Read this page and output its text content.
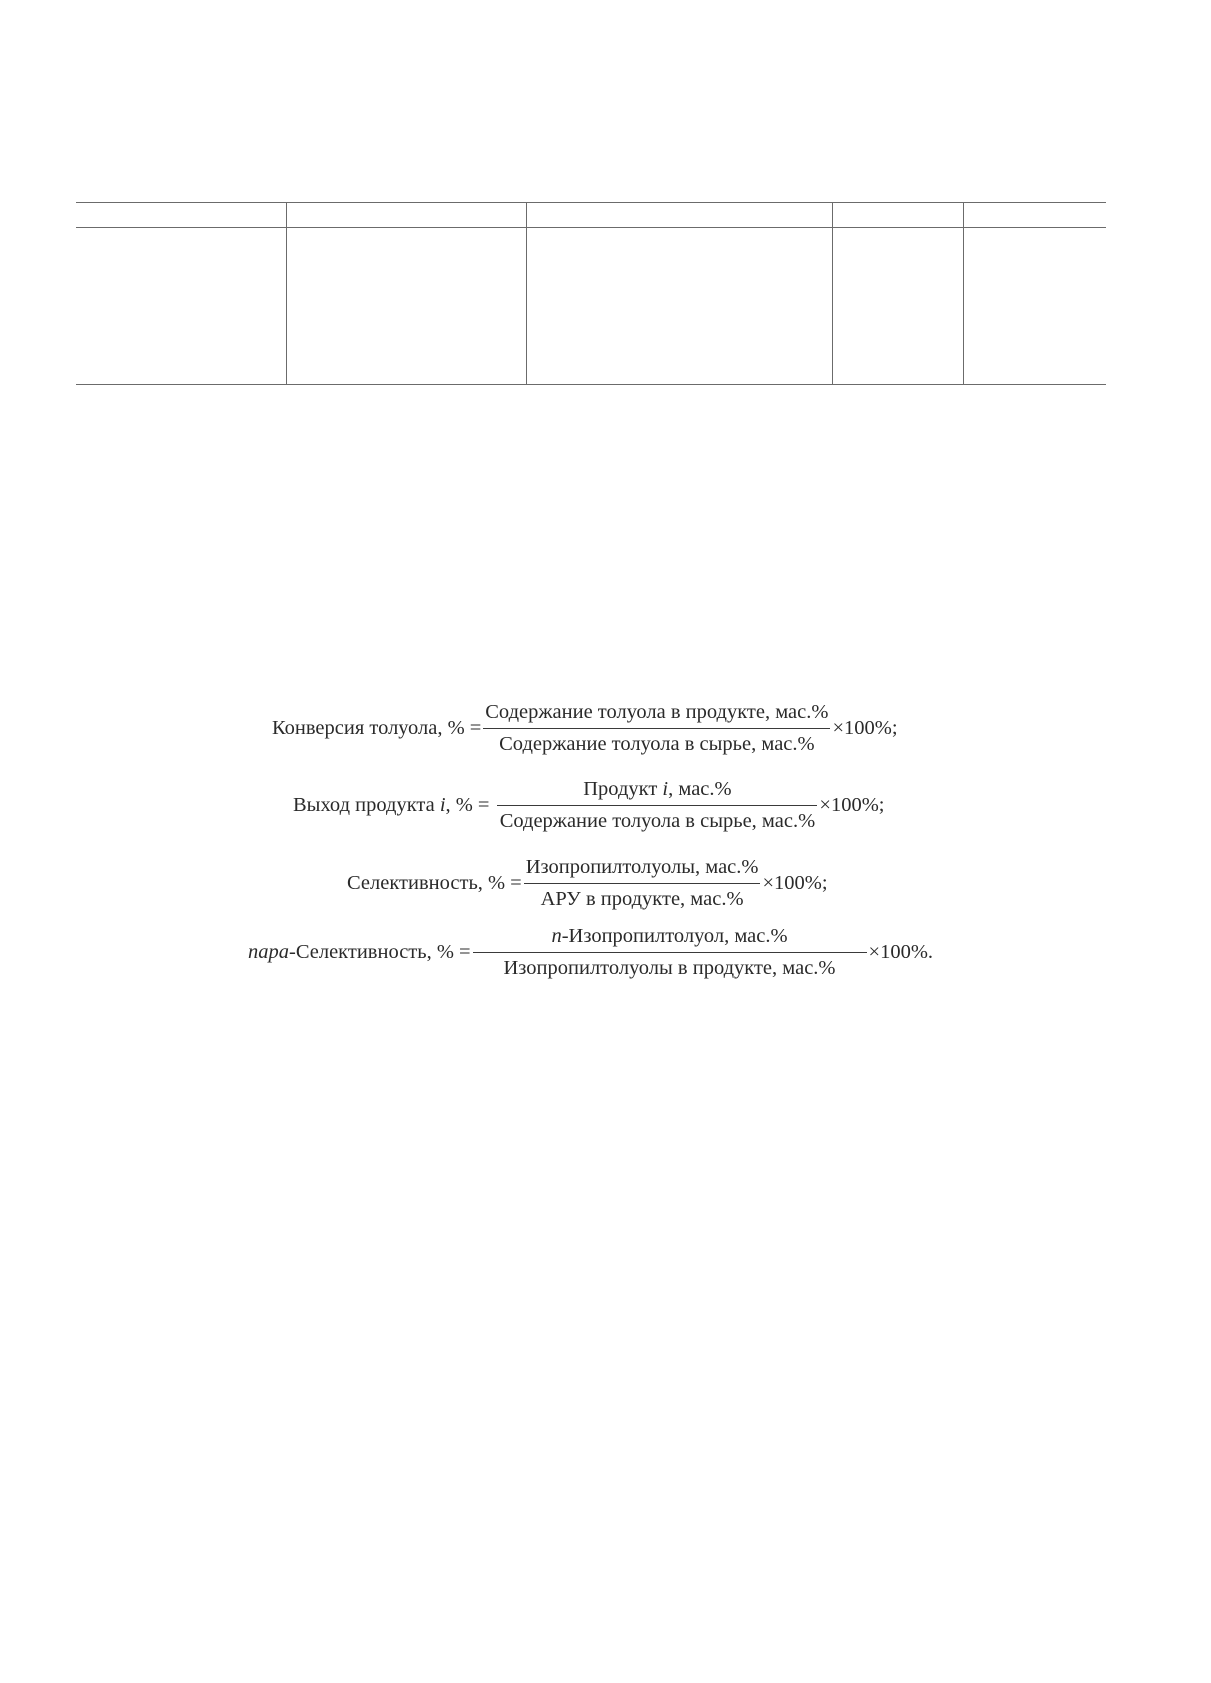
Конверсия толуола, % = $\frac{\text{Содержание толуола в продукте, мас.\%}}{\text{Содержание толуола в сырье, мас.\%}} \times 100\%$;
Выход продукта i, % = $\frac{\text{Продукт i, мас.\%}}{\text{Содержание толуола в сырье, мас.\%}} \times 100\%$;
Селективность, % = $\frac{\text{Изопропилтолуолы, мас.\%}}{\text{АРУ в продукте, мас.\%}} \times 100\%$;
пара-Селективность, % = $\frac{\text{п-Изопропилтолуол, мас.\%}}{\text{Изопропилтолуолы в продукте, мас.\%}} \times 100\%$.
